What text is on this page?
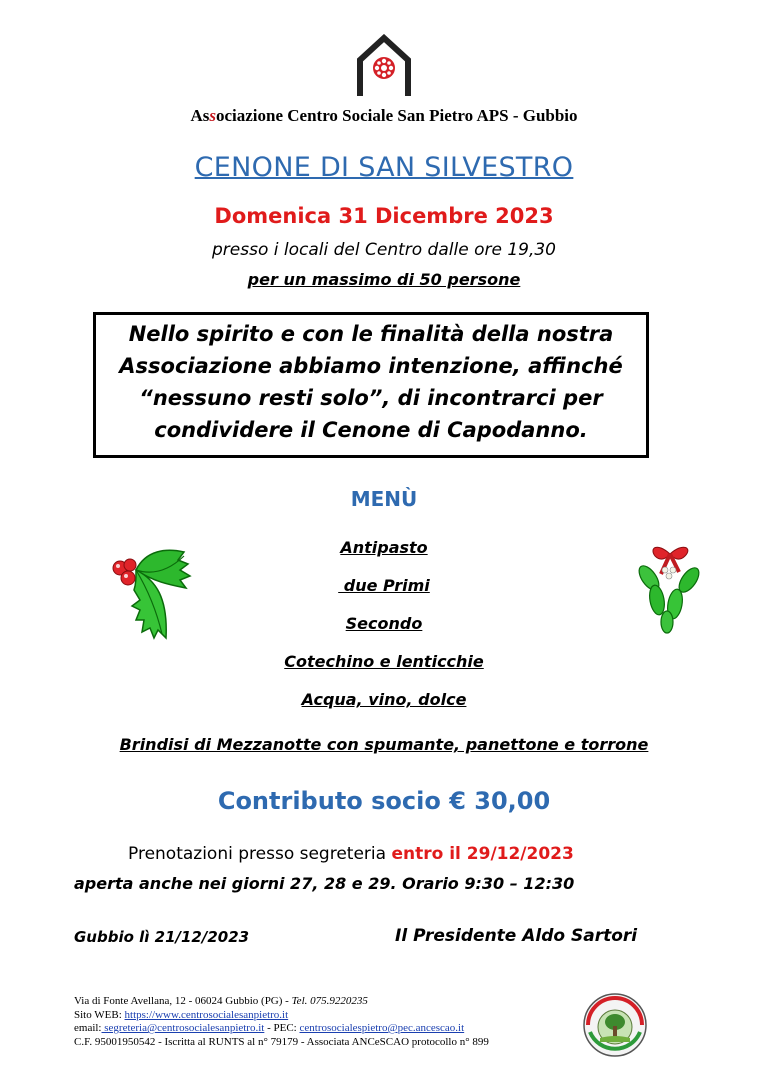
Associazione Centro Sociale San Pietro APS - Gubbio
CENONE DI SAN SILVESTRO
Domenica 31 Dicembre 2023
presso i locali del Centro dalle ore 19,30
per un massimo di 50 persone
Nello spirito e con le finalità della nostra
Associazione abbiamo intenzione, affinché
“nessuno resti solo”, di incontrarci per
condividere il Cenone di Capodanno.
MENÙ
Antipasto
due Primi
Secondo
Cotechino e lenticchie
Acqua, vino, dolce
Brindisi di Mezzanotte con spumante, panettone e torrone
Contributo socio € 30,00
Prenotazioni presso segreteria entro il 29/12/2023
aperta anche nei giorni 27, 28 e 29. Orario 9:30 – 12:30
Gubbio lì 21/12/2023	Il Presidente Aldo Sartori
Via di Fonte Avellana, 12 - 06024 Gubbio (PG) - Tel. 075.9220235
Sito WEB: https://www.centrosocialesanpietro.it
email: segreteria@centrosocialesanpietro.it - PEC: centrosocialespietro@pec.ancescao.it
C.F. 95001950542 - Iscritta al RUNTS al n° 79179 - Associata ANCeSCAO protocollo n° 899
